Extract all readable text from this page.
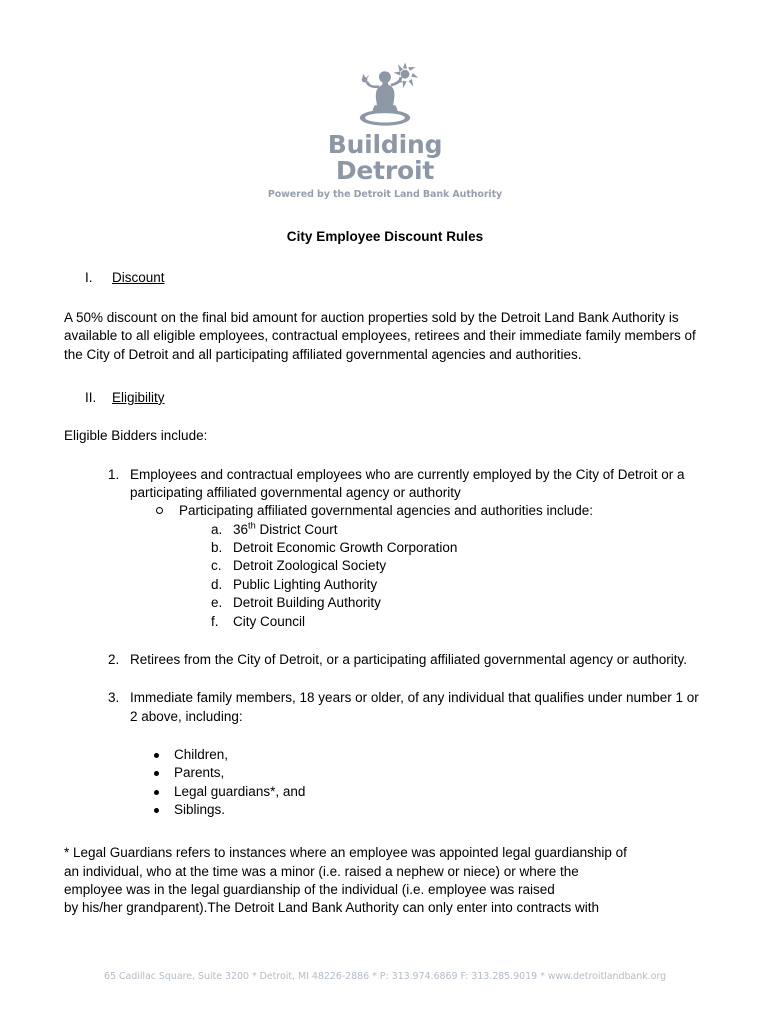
Building
Detroit
Powered by the Detroit Land Bank Authority
City Employee Discount Rules
I.	Discount

A 50% discount on the final bid amount for auction properties sold by the Detroit Land Bank Authority is available to all eligible employees, contractual employees, retirees and their immediate family members of the City of Detroit and all participating affiliated governmental agencies and authorities.

II.	Eligibility

Eligible Bidders include:

1. Employees and contractual employees who are currently employed by the City of Detroit or a participating affiliated governmental agency or authority
Participating affiliated governmental agencies and authorities include:
a. 36th District Court
b. Detroit Economic Growth Corporation
c. Detroit Zoological Society
d. Public Lighting Authority
e. Detroit Building Authority
f.	City Council
2. Retirees from the City of Detroit, or a participating affiliated governmental agency or authority.
3. Immediate family members, 18 years or older, of any individual that qualifies under number 1 or 2 above, including:
Children,
Parents,
Legal guardians*, and
Siblings.
* Legal Guardians refers to instances where an employee was appointed legal guardianship of
an individual, who at the time was a minor (i.e. raised a nephew or niece) or where the
employee was in the legal guardianship of the individual (i.e. employee was raised
by his/her grandparent).The Detroit Land Bank Authority can only enter into contracts with
65 Cadillac Square, Suite 3200 * Detroit, MI 48226-2886 * P: 313.974.6869 F: 313.285.9019 * www.detroitlandbank.org
